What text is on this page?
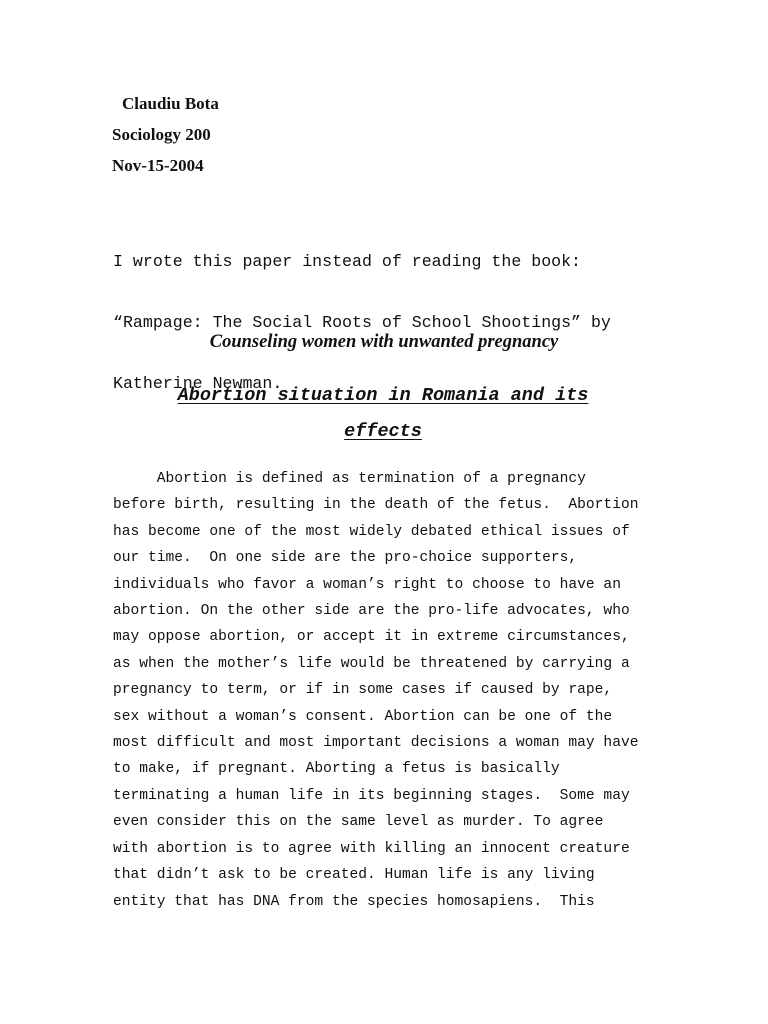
Claudiu Bota
Sociology 200
Nov-15-2004

I wrote this paper instead of reading the book:

“Rampage: The Social Roots of School Shootings” by

Katherine Newman.

Counseling women with unwanted pregnancy
Abortion situation in Romania and its
effects
Abortion is defined as termination of a pregnancy
before birth, resulting in the death of the fetus.  Abortion
has become one of the most widely debated ethical issues of
our time.  On one side are the pro-choice supporters,
individuals who favor a woman’s right to choose to have an
abortion. On the other side are the pro-life advocates, who
may oppose abortion, or accept it in extreme circumstances,
as when the mother’s life would be threatened by carrying a
pregnancy to term, or if in some cases if caused by rape,
sex without a woman’s consent. Abortion can be one of the
most difficult and most important decisions a woman may have
to make, if pregnant. Aborting a fetus is basically
terminating a human life in its beginning stages.  Some may
even consider this on the same level as murder. To agree
with abortion is to agree with killing an innocent creature
that didn’t ask to be created. Human life is any living
entity that has DNA from the species homosapiens.  This
